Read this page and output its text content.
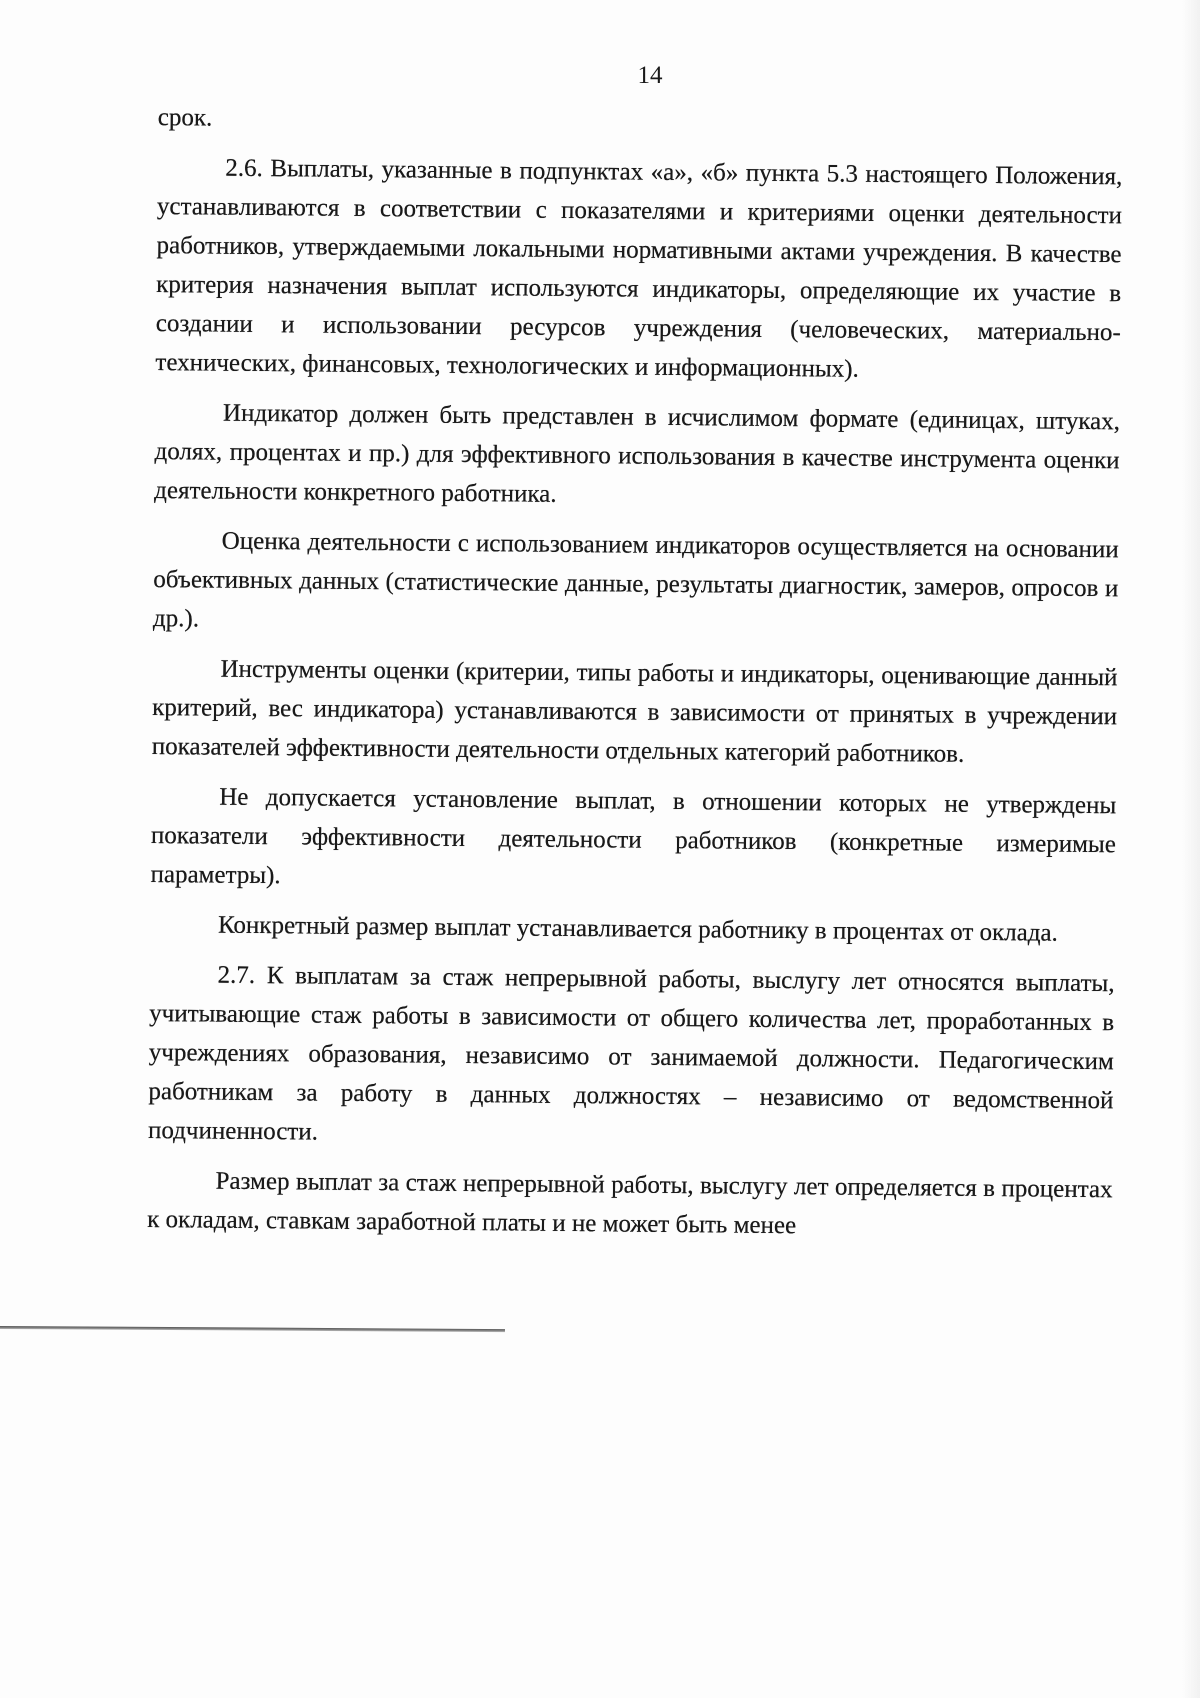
14

срок.

2.6. Выплаты, указанные в подпунктах «а», «б» пункта 5.3 настоящего Положения, устанавливаются в соответствии с показателями и критериями оценки деятельности работников, утверждаемыми локальными нормативными актами учреждения. В качестве критерия назначения выплат используются индикаторы, определяющие их участие в создании и использовании ресурсов учреждения (человеческих, материально-технических, финансовых, технологических и информационных).

Индикатор должен быть представлен в исчислимом формате (единицах, штуках, долях, процентах и пр.) для эффективного использования в качестве инструмента оценки деятельности конкретного работника.

Оценка деятельности с использованием индикаторов осуществляется на основании объективных данных (статистические данные, результаты диагностик, замеров, опросов и др.).

Инструменты оценки (критерии, типы работы и индикаторы, оценивающие данный критерий, вес индикатора) устанавливаются в зависимости от принятых в учреждении показателей эффективности деятельности отдельных категорий работников.

Не допускается установление выплат, в отношении которых не утверждены показатели эффективности деятельности работников (конкретные измеримые параметры).

Конкретный размер выплат устанавливается работнику в процентах от оклада.

2.7. К выплатам за стаж непрерывной работы, выслугу лет относятся выплаты, учитывающие стаж работы в зависимости от общего количества лет, проработанных в учреждениях образования, независимо от занимаемой должности. Педагогическим работникам за работу в данных должностях – независимо от ведомственной подчиненности.

Размер выплат за стаж непрерывной работы, выслугу лет определяется в процентах к окладам, ставкам заработной платы и не может быть менее
